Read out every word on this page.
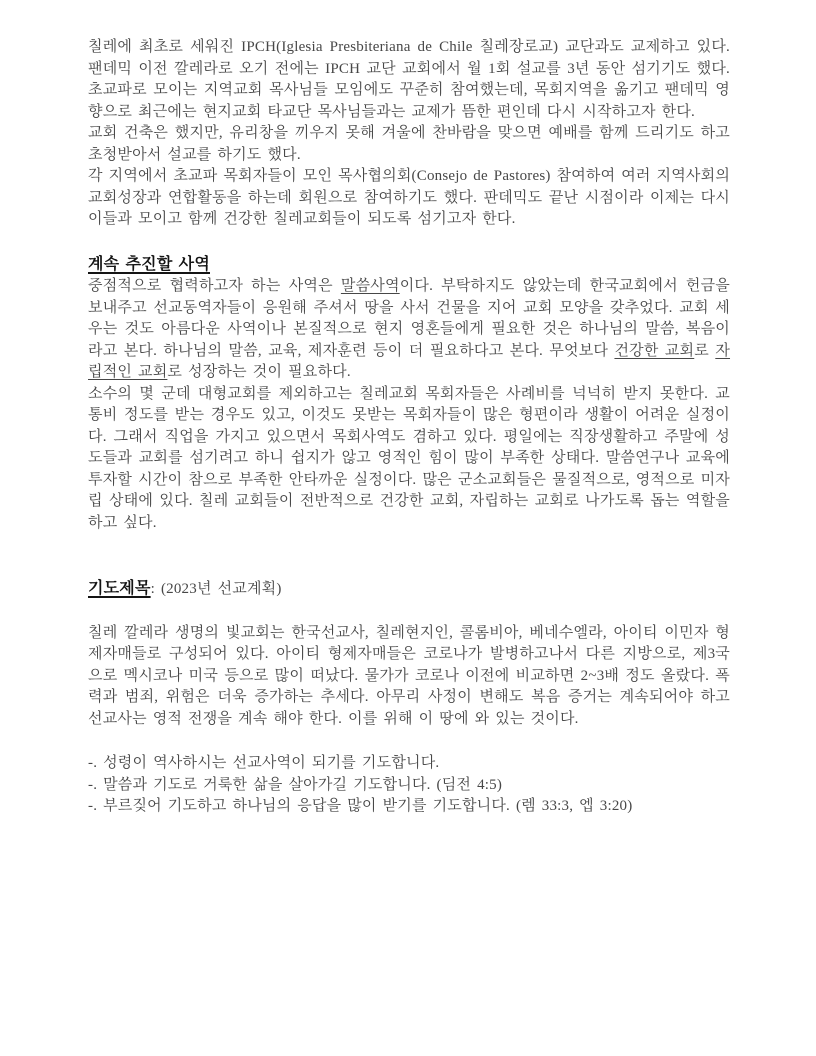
칠레에 최초로 세워진 IPCH(Iglesia Presbiteriana de Chile 칠레장로교) 교단과도 교제하고 있다. 팬데믹 이전 깔레라로 오기 전에는 IPCH 교단 교회에서 월 1회 설교를 3년 동안 섬기기도 했다. 초교파로 모이는 지역교회 목사님들 모임에도 꾸준히 참여했는데, 목회지역을 옮기고 팬데믹 영향으로 최근에는 현지교회 타교단 목사님들과는 교제가 뜸한 편인데 다시 시작하고자 한다.

교회 건축은 했지만, 유리창을 끼우지 못해 겨울에 찬바람을 맞으면 예배를 함께 드리기도 하고 초청받아서 설교를 하기도 했다.

각 지역에서 초교파 목회자들이 모인 목사협의회(Consejo de Pastores) 참여하여 여러 지역사회의 교회성장과 연합활동을 하는데 회원으로 참여하기도 했다. 판데믹도 끝난 시점이라 이제는 다시 이들과 모이고 함께 건강한 칠레교회들이 되도록 섬기고자 한다.

계속 추진할 사역

중점적으로 협력하고자 하는 사역은 말씀사역이다. 부탁하지도 않았는데 한국교회에서 헌금을 보내주고 선교동역자들이 응원해 주셔서 땅을 사서 건물을 지어 교회 모양을 갖추었다. 교회 세우는 것도 아름다운 사역이나 본질적으로 현지 영혼들에게 필요한 것은 하나님의 말씀, 복음이라고 본다. 하나님의 말씀, 교육, 제자훈련 등이 더 필요하다고 본다. 무엇보다 건강한 교회로 자립적인 교회로 성장하는 것이 필요하다.

소수의 몇 군데 대형교회를 제외하고는 칠레교회 목회자들은 사례비를 넉넉히 받지 못한다. 교통비 정도를 받는 경우도 있고, 이것도 못받는 목회자들이 많은 형편이라 생활이 어려운 실정이다. 그래서 직업을 가지고 있으면서 목회사역도 겸하고 있다. 평일에는 직장생활하고 주말에 성도들과 교회를 섬기려고 하니 쉽지가 않고 영적인 힘이 많이 부족한 상태다. 말씀연구나 교육에 투자할 시간이 참으로 부족한 안타까운 실정이다. 많은 군소교회들은 물질적으로, 영적으로 미자립 상태에 있다. 칠레 교회들이 전반적으로 건강한 교회, 자립하는 교회로 나가도록 돕는 역할을 하고 싶다.

기도제목: (2023년 선교계획)

칠레 깔레라 생명의 빛교회는 한국선교사, 칠레현지인, 콜롬비아, 베네수엘라, 아이티 이민자 형제자매들로 구성되어 있다. 아이티 형제자매들은 코로나가 발병하고나서 다른 지방으로, 제3국으로 멕시코나 미국 등으로 많이 떠났다. 물가가 코로나 이전에 비교하면 2~3배 정도 올랐다. 폭력과 범죄, 위험은 더욱 증가하는 추세다. 아무리 사정이 변해도 복음 증거는 계속되어야 하고 선교사는 영적 전쟁을 계속 해야 한다. 이를 위해 이 땅에 와 있는 것이다.

-. 성령이 역사하시는 선교사역이 되기를 기도합니다.

-. 말씀과 기도로 거룩한 삶을 살아가길 기도합니다. (딤전 4:5)

-. 부르짖어 기도하고 하나님의 응답을 많이 받기를 기도합니다. (렘 33:3, 엡 3:20)
